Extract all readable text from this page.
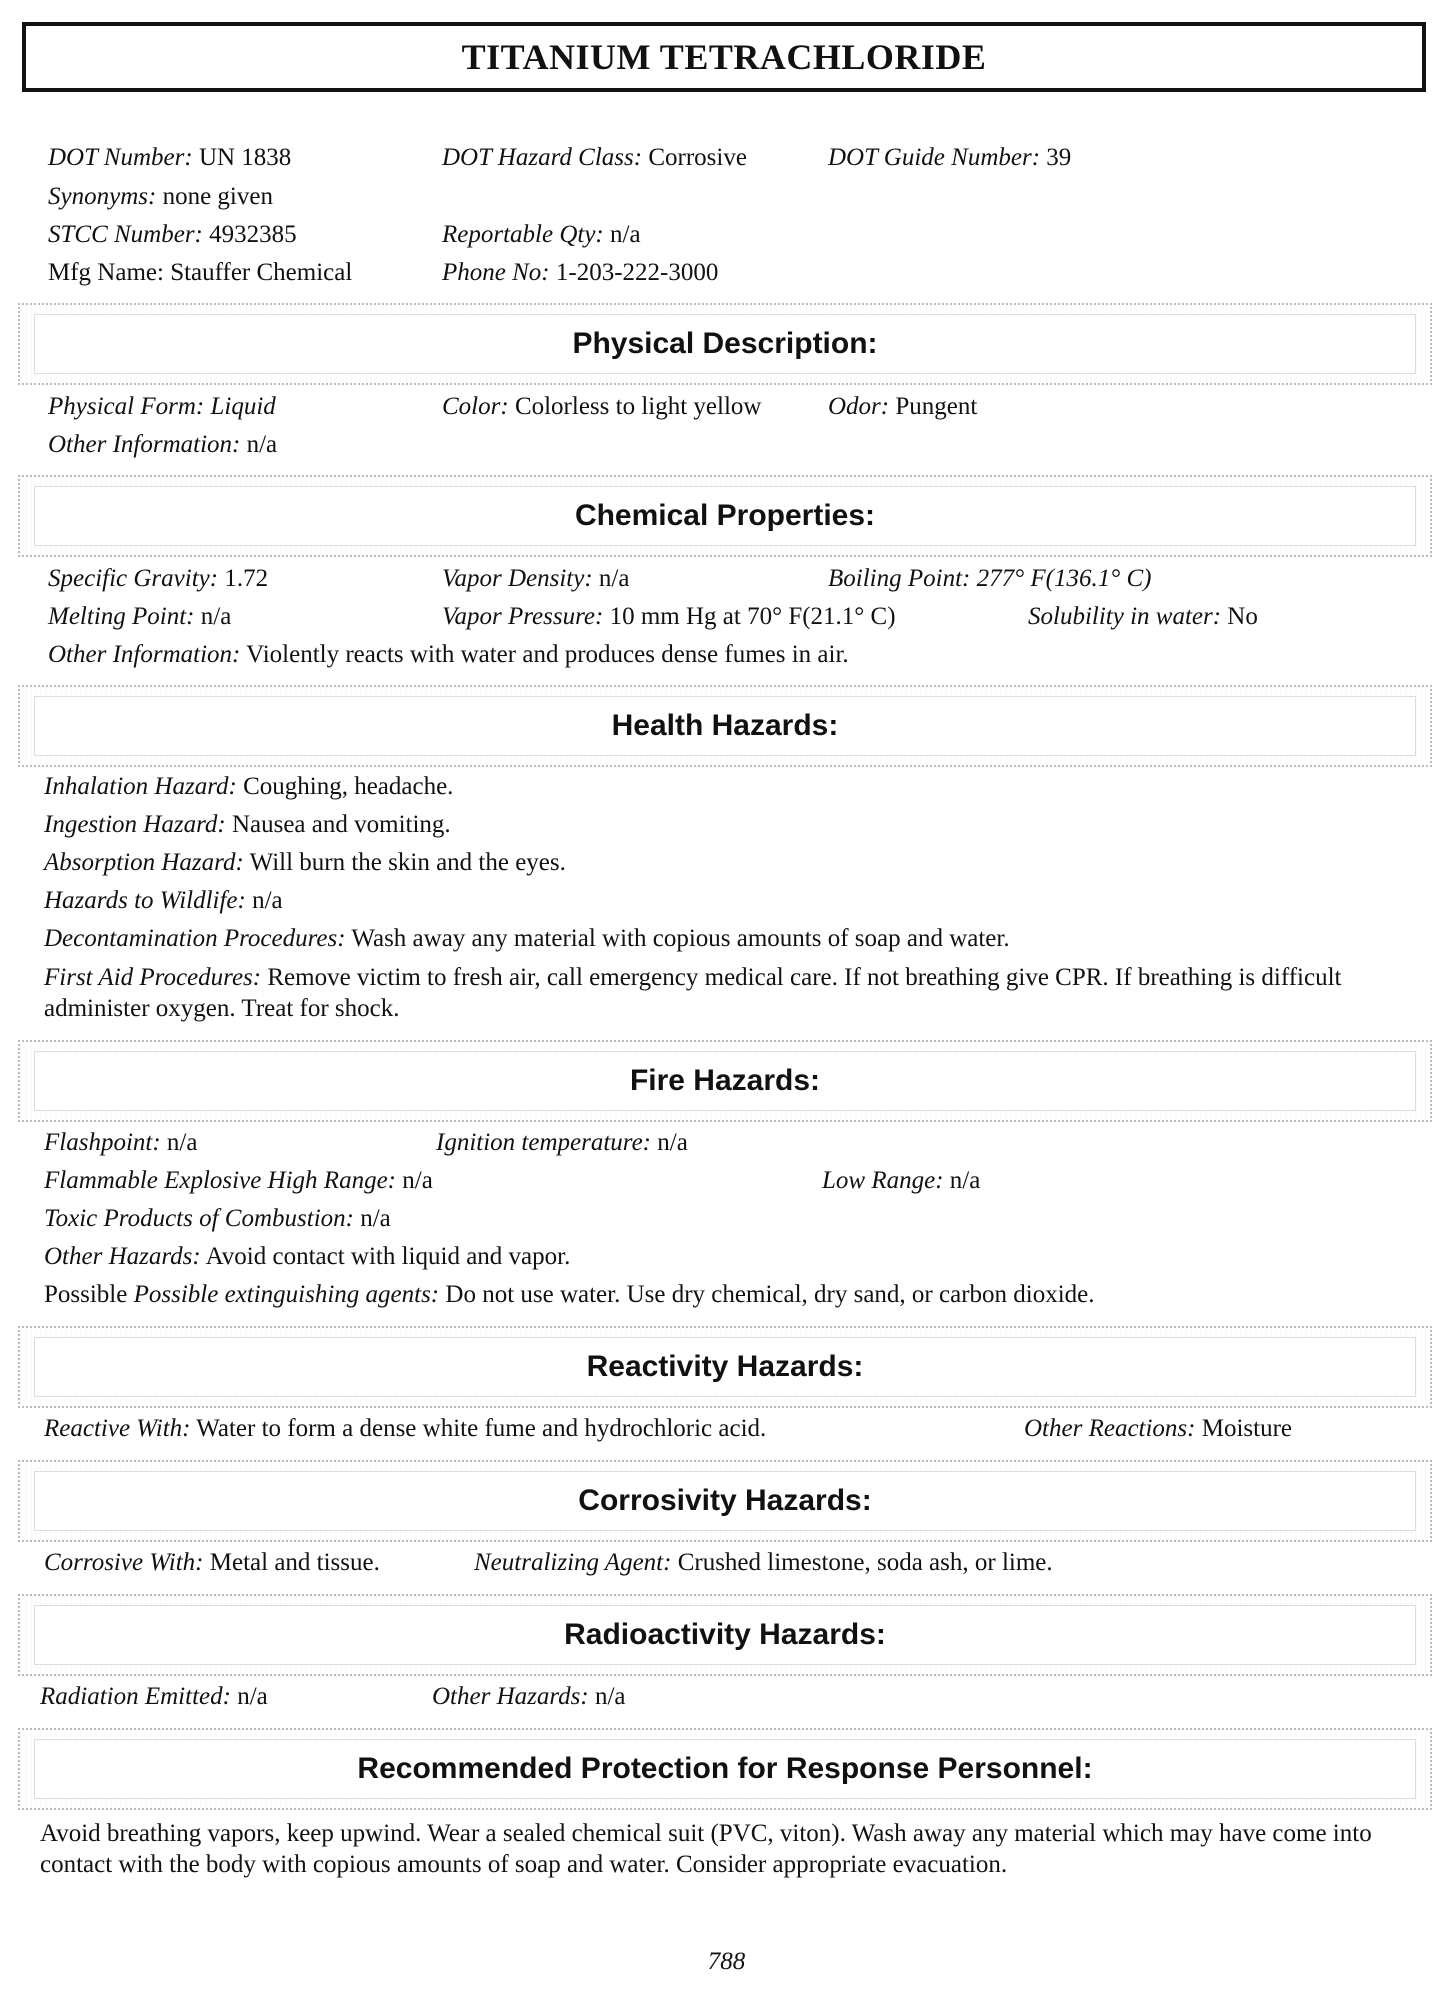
TITANIUM TETRACHLORIDE
DOT Number: UN 1838	DOT Hazard Class: Corrosive	DOT Guide Number: 39
Synonyms: none given
STCC Number: 4932385	Reportable Qty: n/a
Mfg Name: Stauffer Chemical	Phone No: 1-203-222-3000
Physical Description:
Physical Form: Liquid	Color: Colorless to light yellow	Odor: Pungent
Other Information: n/a
Chemical Properties:
Specific Gravity: 1.72	Vapor Density: n/a	Boiling Point: 277° F(136.1° C)
Melting Point: n/a	Vapor Pressure: 10 mm Hg at 70° F(21.1° C)	Solubility in water: No
Other Information: Violently reacts with water and produces dense fumes in air.
Health Hazards:
Inhalation Hazard: Coughing, headache.
Ingestion Hazard: Nausea and vomiting.
Absorption Hazard: Will burn the skin and the eyes.
Hazards to Wildlife: n/a
Decontamination Procedures: Wash away any material with copious amounts of soap and water.
First Aid Procedures: Remove victim to fresh air, call emergency medical care. If not breathing give CPR. If breathing is difficult administer oxygen. Treat for shock.
Fire Hazards:
Flashpoint: n/a	Ignition temperature: n/a
Flammable Explosive High Range: n/a	Low Range: n/a
Toxic Products of Combustion: n/a
Other Hazards: Avoid contact with liquid and vapor.
Possible Possible extinguishing agents: Do not use water. Use dry chemical, dry sand, or carbon dioxide.
Reactivity Hazards:
Reactive With: Water to form a dense white fume and hydrochloric acid.	Other Reactions: Moisture
Corrosivity Hazards:
Corrosive With: Metal and tissue.	Neutralizing Agent: Crushed limestone, soda ash, or lime.
Radioactivity Hazards:
Radiation Emitted: n/a	Other Hazards: n/a
Recommended Protection for Response Personnel:
Avoid breathing vapors, keep upwind. Wear a sealed chemical suit (PVC, viton). Wash away any material which may have come into contact with the body with copious amounts of soap and water. Consider appropriate evacuation.
788
